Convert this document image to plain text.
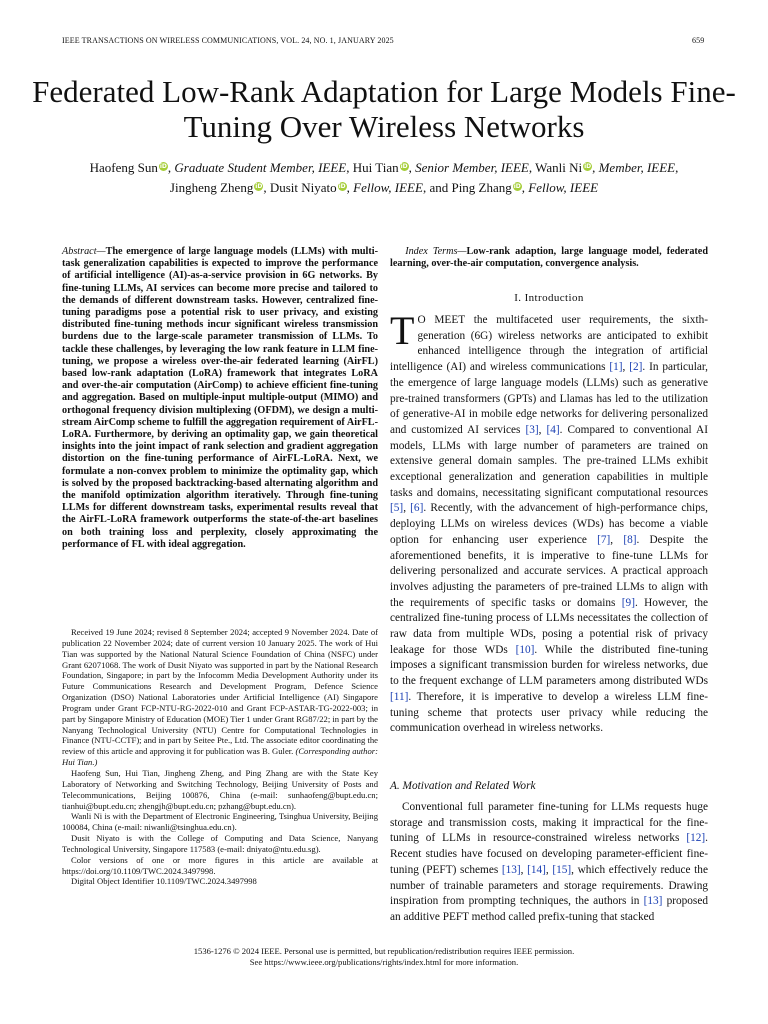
IEEE TRANSACTIONS ON WIRELESS COMMUNICATIONS, VOL. 24, NO. 1, JANUARY 2025	659
Federated Low-Rank Adaptation for Large Models Fine-Tuning Over Wireless Networks
Haofeng Sun iD, Graduate Student Member, IEEE, Hui Tian iD, Senior Member, IEEE, Wanli Ni iD, Member, IEEE,
Jingheng Zheng iD, Dusit Niyato iD, Fellow, IEEE, and Ping Zhang iD, Fellow, IEEE
Abstract—The emergence of large language models (LLMs) with multi-task generalization capabilities is expected to improve the performance of artificial intelligence (AI)-as-a-service provision in 6G networks. By fine-tuning LLMs, AI services can become more precise and tailored to the demands of different downstream tasks. However, centralized fine-tuning paradigms pose a potential risk to user privacy, and existing distributed fine-tuning methods incur significant wireless transmission burdens due to the large-scale parameter transmission of LLMs. To tackle these challenges, by leveraging the low rank feature in LLM fine-tuning, we propose a wireless over-the-air federated learning (AirFL) based low-rank adaptation (LoRA) framework that integrates LoRA and over-the-air computation (AirComp) to achieve efficient fine-tuning and aggregation. Based on multiple-input multiple-output (MIMO) and orthogonal frequency division multiplexing (OFDM), we design a multi-stream AirComp scheme to fulfill the aggregation requirement of AirFL-LoRA. Furthermore, by deriving an optimality gap, we gain theoretical insights into the joint impact of rank selection and gradient aggregation distortion on the fine-tuning performance of AirFL-LoRA. Next, we formulate a non-convex problem to minimize the optimality gap, which is solved by the proposed backtracking-based alternating algorithm and the manifold optimization algorithm iteratively. Through fine-tuning LLMs for different downstream tasks, experimental results reveal that the AirFL-LoRA framework outperforms the state-of-the-art baselines on both training loss and perplexity, closely approximating the performance of FL with ideal aggregation.

Received 19 June 2024; revised 8 September 2024; accepted 9 November 2024. Date of publication 22 November 2024; date of current version 10 January 2025. The work of Hui Tian was supported by the National Natural Science Foundation of China (NSFC) under Grant 62071068. The work of Dusit Niyato was supported in part by the National Research Foundation, Singapore; in part by the Infocomm Media Development Authority under its Future Communications Research and Development Program, Defence Science Organization (DSO) National Laboratories under Artificial Intelligence (AI) Singapore Program under Grant FCP-NTU-RG-2022-010 and Grant FCP-ASTAR-TG-2022-003; in part by Singapore Ministry of Education (MOE) Tier 1 under Grant RG87/22; in part by the Nanyang Technological University (NTU) Centre for Computational Technologies in Finance (NTU-CCTF); and in part by Seitee Pte., Ltd. The associate editor coordinating the review of this article and approving it for publication was B. Guler. (Corresponding author: Hui Tian.)

Haofeng Sun, Hui Tian, Jingheng Zheng, and Ping Zhang are with the State Key Laboratory of Networking and Switching Technology, Beijing University of Posts and Telecommunications, Beijing 100876, China (e-mail: sunhaofeng@bupt.edu.cn; tianhui@bupt.edu.cn; zhengjh@bupt.edu.cn; pzhang@bupt.edu.cn).

Wanli Ni is with the Department of Electronic Engineering, Tsinghua University, Beijing 100084, China (e-mail: niwanli@tsinghua.edu.cn).

Dusit Niyato is with the College of Computing and Data Science, Nanyang Technological University, Singapore 117583 (e-mail: dniyato@ntu.edu.sg).

Color versions of one or more figures in this article are available at https://doi.org/10.1109/TWC.2024.3497998.

Digital Object Identifier 10.1109/TWC.2024.3497998

Index Terms—Low-rank adaption, large language model, federated learning, over-the-air computation, convergence analysis.
I. Introduction
T O MEET the multifaceted user requirements, the sixth-generation (6G) wireless networks are anticipated to exhibit enhanced intelligence through the integration of artificial intelligence (AI) and wireless communications [1], [2]. In particular, the emergence of large language models (LLMs) such as generative pre-trained transformers (GPTs) and Llamas has led to the utilization of generative-AI in mobile edge networks for delivering personalized and customized AI services [3], [4]. Compared to conventional AI models, LLMs with large number of parameters are trained on extensive general domain samples. The pre-trained LLMs exhibit exceptional generalization and generation capabilities in multiple tasks and domains, necessitating significant computational resources [5], [6]. Recently, with the advancement of high-performance chips, deploying LLMs on wireless devices (WDs) has become a viable option for enhancing user experience [7], [8]. Despite the aforementioned benefits, it is imperative to fine-tune LLMs for delivering personalized and accurate services. A practical approach involves adjusting the parameters of pre-trained LLMs to align with the requirements of specific tasks or domains [9]. However, the centralized fine-tuning process of LLMs necessitates the collection of raw data from multiple WDs, posing a potential risk of privacy leakage for those WDs [10]. While the distributed fine-tuning imposes a significant transmission burden for wireless networks, due to the frequent exchange of LLM parameters among distributed WDs [11]. Therefore, it is imperative to develop a wireless LLM fine-tuning scheme that protects user privacy while reducing the communication overhead in wireless networks.
A. Motivation and Related Work
Conventional full parameter fine-tuning for LLMs requests huge storage and transmission costs, making it impractical for the fine-tuning of LLMs in resource-constrained wireless networks [12]. Recent studies have focused on developing parameter-efficient fine-tuning (PEFT) schemes [13], [14], [15], which effectively reduce the number of trainable parameters and storage requirements. Drawing inspiration from prompting techniques, the authors in [13] proposed an additive PEFT method called prefix-tuning that stacked
1536-1276 © 2024 IEEE. Personal use is permitted, but republication/redistribution requires IEEE permission.
See https://www.ieee.org/publications/rights/index.html for more information.
